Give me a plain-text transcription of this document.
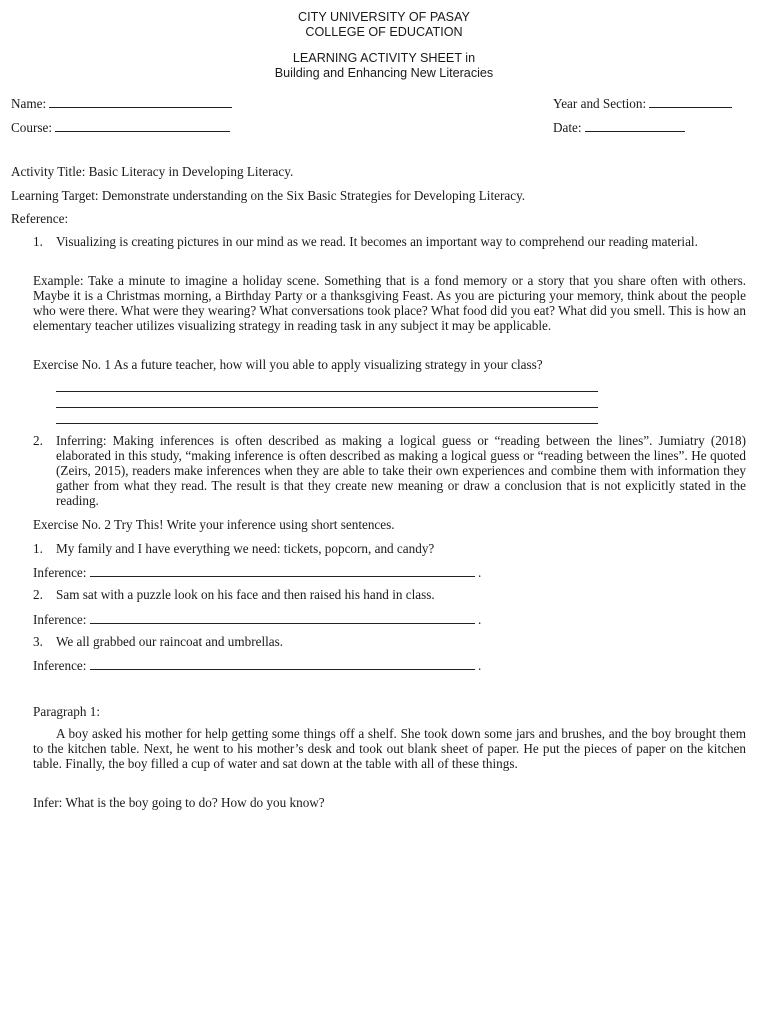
CITY UNIVERSITY OF PASAY
COLLEGE OF EDUCATION
LEARNING ACTIVITY SHEET in
Building and Enhancing New Literacies
Name:	Year and Section:
Course:	Date:
Activity Title: Basic Literacy in Developing Literacy.
Learning Target: Demonstrate understanding on the Six Basic Strategies for Developing Literacy.
Reference:
1. Visualizing is creating pictures in our mind as we read. It becomes an important way to comprehend our reading material.
Example: Take a minute to imagine a holiday scene. Something that is a fond memory or a story that you share often with others. Maybe it is a Christmas morning, a Birthday Party or a thanksgiving Feast. As you are picturing your memory, think about the people who were there. What were they wearing? What conversations took place? What food did you eat? What did you smell. This is how an elementary teacher utilizes visualizing strategy in reading task in any subject it may be applicable.
Exercise No. 1 As a future teacher, how will you able to apply visualizing strategy in your class?
2. Inferring: Making inferences is often described as making a logical guess or “reading between the lines”. Jumiatry (2018) elaborated in this study, “making inference is often described as making a logical guess or “reading between the lines”. He quoted (Zeirs, 2015), readers make inferences when they are able to take their own experiences and combine them with information they gather from what they read. The result is that they create new meaning or draw a conclusion that is not explicitly stated in the reading.
Exercise No. 2 Try This! Write your inference using short sentences.
1. My family and I have everything we need: tickets, popcorn, and candy?
Inference:	.
2. Sam sat with a puzzle look on his face and then raised his hand in class.
Inference:	.
3. We all grabbed our raincoat and umbrellas.
Inference:	.
Paragraph 1:
A boy asked his mother for help getting some things off a shelf. She took down some jars and brushes, and the boy brought them to the kitchen table. Next, he went to his mother’s desk and took out blank sheet of paper. He put the pieces of paper on the kitchen table. Finally, the boy filled a cup of water and sat down at the table with all of these things.
Infer: What is the boy going to do? How do you know?
